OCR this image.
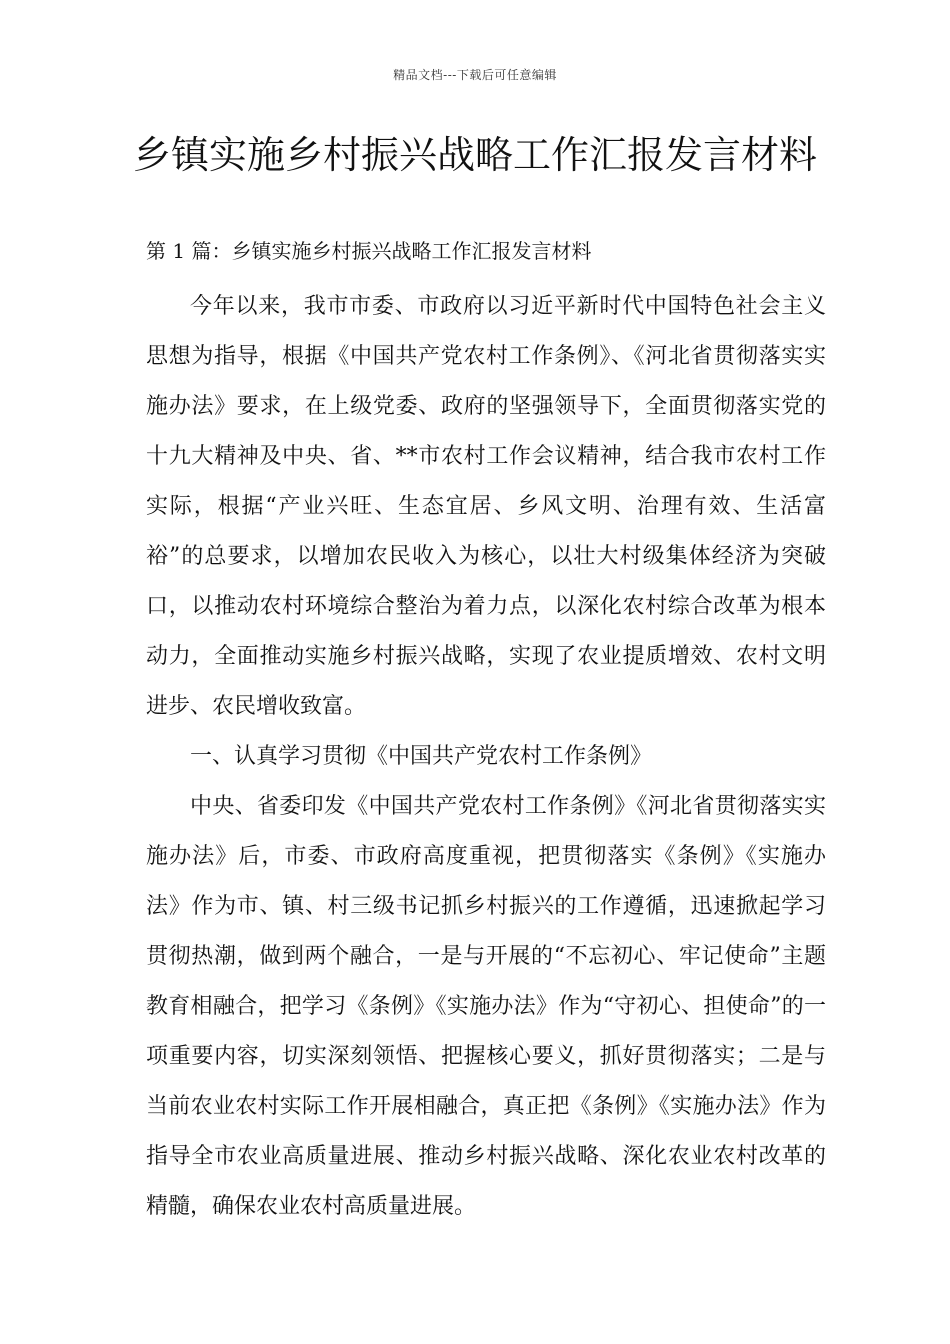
精品文档---下载后可任意编辑
乡镇实施乡村振兴战略工作汇报发言材料

第 1 篇：乡镇实施乡村振兴战略工作汇报发言材料

今年以来，我市市委、市政府以习近平新时代中国特色社会主义思想为指导，根据《中国共产党农村工作条例》、《河北省贯彻落实实施办法》要求，在上级党委、政府的坚强领导下，全面贯彻落实党的十九大精神及中央、省、**市农村工作会议精神，结合我市农村工作实际，根据“产业兴旺、生态宜居、乡风文明、治理有效、生活富裕”的总要求，以增加农民收入为核心，以壮大村级集体经济为突破口，以推动农村环境综合整治为着力点，以深化农村综合改革为根本动力，全面推动实施乡村振兴战略，实现了农业提质增效、农村文明进步、农民增收致富。

一、认真学习贯彻《中国共产党农村工作条例》

中央、省委印发《中国共产党农村工作条例》《河北省贯彻落实实施办法》后，市委、市政府高度重视，把贯彻落实《条例》《实施办法》作为市、镇、村三级书记抓乡村振兴的工作遵循，迅速掀起学习贯彻热潮，做到两个融合，一是与开展的“不忘初心、牢记使命”主题教育相融合，把学习《条例》《实施办法》作为“守初心、担使命”的一项重要内容，切实深刻领悟、把握核心要义，抓好贯彻落实；二是与当前农业农村实际工作开展相融合，真正把《条例》《实施办法》作为指导全市农业高质量进展、推动乡村振兴战略、深化农业农村改革的精髓，确保农业农村高质量进展。
